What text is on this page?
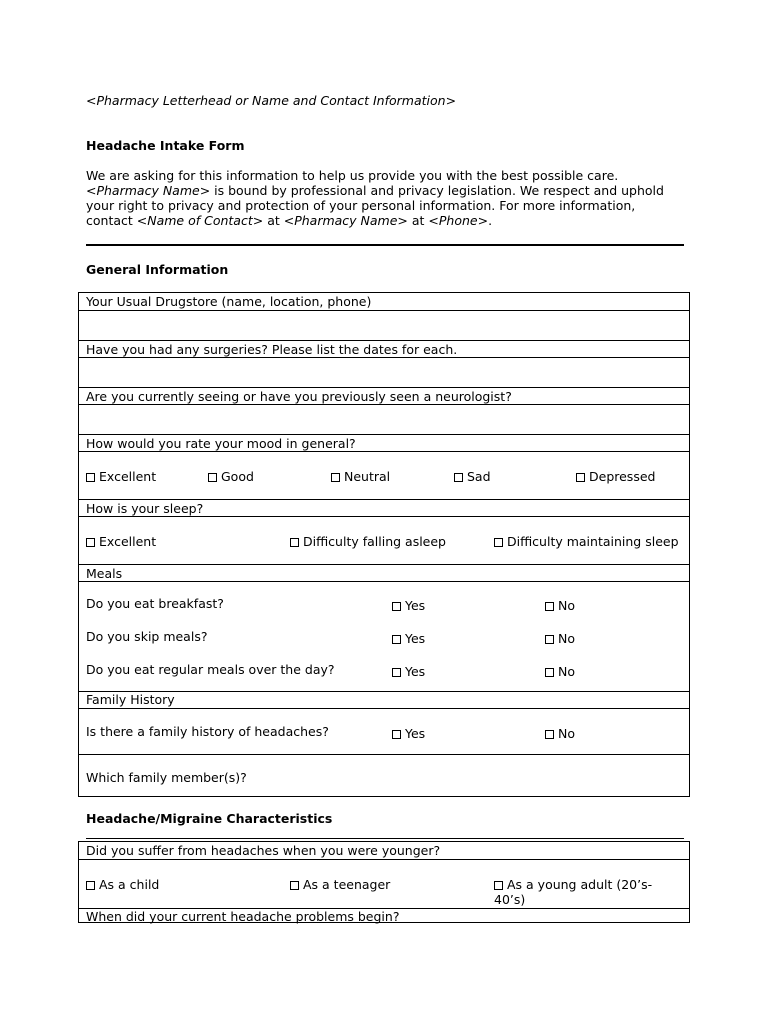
<Pharmacy Letterhead or Name and Contact Information>
Headache Intake Form
We are asking for this information to help us provide you with the best possible care.
<Pharmacy Name> is bound by professional and privacy legislation. We respect and uphold
your right to privacy and protection of your personal information. For more information,
contact <Name of Contact> at <Pharmacy Name> at <Phone>.
General Information
Your Usual Drugstore (name, location, phone)
Have you had any surgeries? Please list the dates for each.
Are you currently seeing or have you previously seen a neurologist?
How would you rate your mood in general?
Excellent	Good	Neutral	Sad	Depressed
How is your sleep?
Excellent	Difficulty falling asleep	Difficulty maintaining sleep
Meals
Do you eat breakfast?	Yes	No
Do you skip meals?	Yes	No
Do you eat regular meals over the day?	Yes	No
Family History
Is there a family history of headaches?	Yes	No
Which family member(s)?
Headache/Migraine Characteristics
Did you suffer from headaches when you were younger?
As a child	As a teenager	As a young adult (20’s-
40’s)
When did your current headache problems begin?
